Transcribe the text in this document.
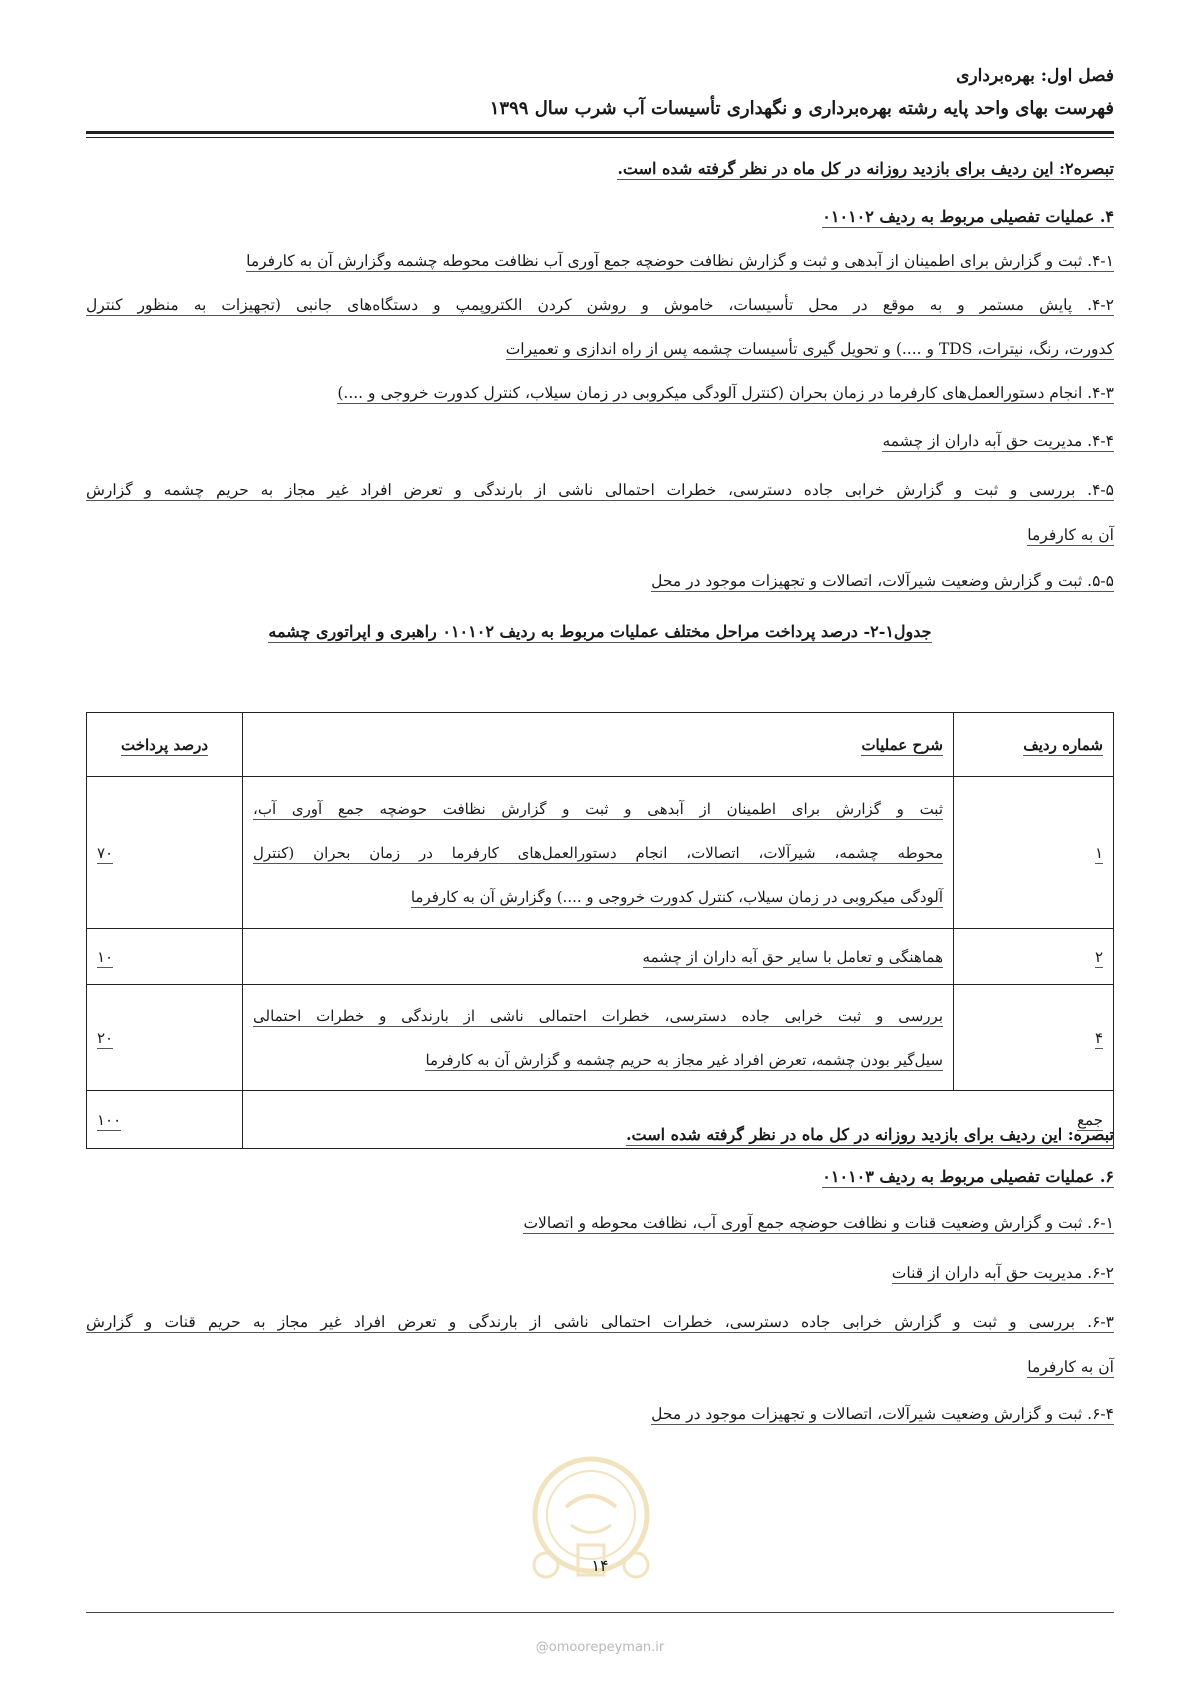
فصل اول: بهره‌برداری
فهرست بهای واحد پایه رشته بهره‌برداری و نگهداری تأسیسات آب شرب سال ۱۳۹۹
تبصره۲: این ردیف برای بازدید روزانه در کل ماه در نظر گرفته شده است.
۴. عملیات تفصیلی مربوط به ردیف ۰۱۰۱۰۲
۴-۱. ثبت و گزارش برای اطمینان از آبدهی و ثبت و گزارش نظافت حوضچه جمع آوری آب نظافت محوطه چشمه وگزارش آن به کارفرما
۴-۲. پایش مستمر و به موقع در محل تأسیسات، خاموش و روشن کردن الکتروپمپ و دستگاه‌های جانبی (تجهیزات به منظور کنترل
کدورت، رنگ، نیترات، TDS و ....) و تحویل گیری تأسیسات چشمه پس از راه اندازی و تعمیرات
۴-۳. انجام دستورالعمل‌های کارفرما در زمان بحران (کنترل آلودگی میکروبی در زمان سیلاب، کنترل کدورت خروجی و ....)
۴-۴. مدیریت حق آبه داران از چشمه
۴-۵. بررسی و ثبت و گزارش خرابی جاده دسترسی، خطرات احتمالی ناشی از بارندگی و تعرض افراد غیر مجاز به حریم چشمه و گزارش
آن به کارفرما
۵-۵. ثبت و گزارش وضعیت شیرآلات، اتصالات و تجهیزات موجود در محل
جدول۱-۲- درصد پرداخت مراحل مختلف عملیات مربوط به ردیف ۰۱۰۱۰۲ راهبری و اپراتوری چشمه
شماره ردیف	شرح عملیات	درصد پرداخت
۱	ثبت و گزارش برای اطمینان از آبدهی و ثبت و گزارش نظافت حوضچه جمع آوری آب،
محوطه چشمه، شیرآلات، اتصالات، انجام دستورالعمل‌های کارفرما در زمان بحران (کنترل
آلودگی میکروبی در زمان سیلاب، کنترل کدورت خروجی و ....) وگزارش آن به کارفرما	۷۰
۲	هماهنگی و تعامل با سایر حق آبه داران از چشمه	۱۰
۴	بررسی و ثبت خرابی جاده دسترسی، خطرات احتمالی ناشی از بارندگی و خطرات احتمالی
سیل‌گیر بودن چشمه، تعرض افراد غیر مجاز به حریم چشمه و گزارش آن به کارفرما	۲۰
جمع		۱۰۰
تبصره: این ردیف برای بازدید روزانه در کل ماه در نظر گرفته شده است.
۶. عملیات تفصیلی مربوط به ردیف ۰۱۰۱۰۳
۶-۱. ثبت و گزارش وضعیت قنات و نظافت حوضچه جمع آوری آب، نظافت محوطه و اتصالات
۶-۲. مدیریت حق آبه داران از قنات
۶-۳. بررسی و ثبت و گزارش خرابی جاده دسترسی، خطرات احتمالی ناشی از بارندگی و تعرض افراد غیر مجاز به حریم قنات و گزارش
آن به کارفرما
۶-۴. ثبت و گزارش وضعیت شیرآلات، اتصالات و تجهیزات موجود در محل
۱۴
@omoorepeyman.ir
